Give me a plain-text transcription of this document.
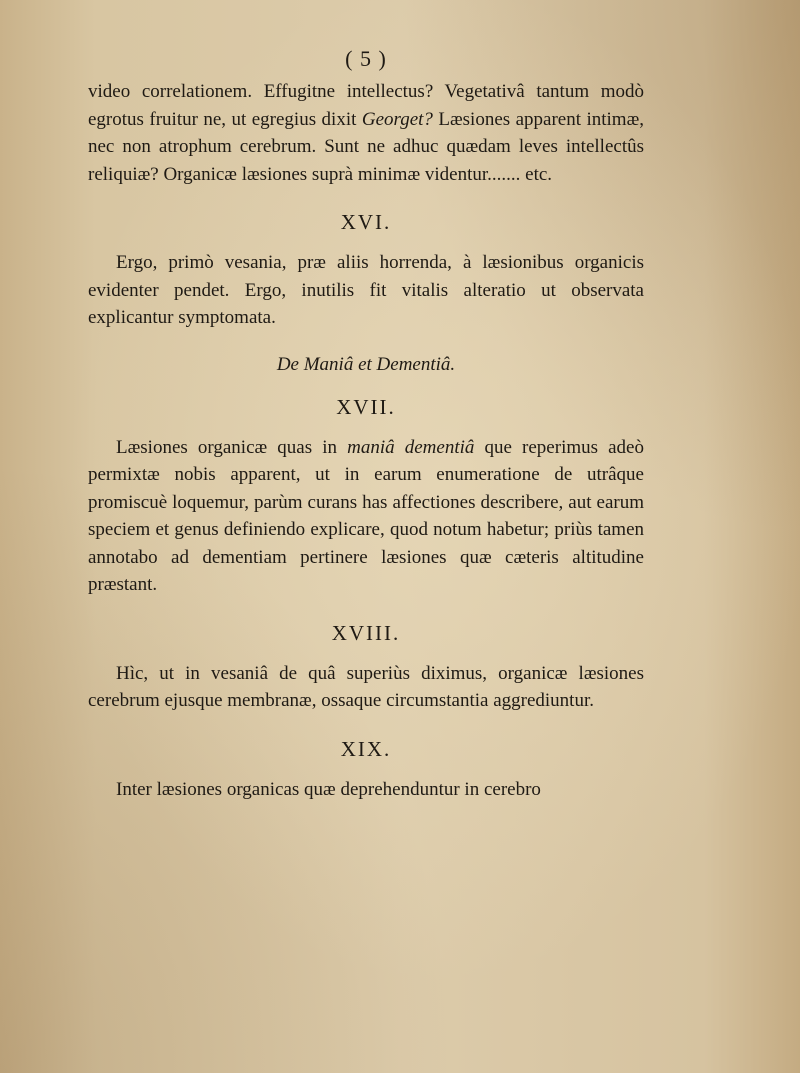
( 5 )

video correlationem. Effugitne intellectus? Vegetativâ tantum modò egrotus fruitur ne, ut egregius dixit Georget? Læsiones apparent intimæ, nec non atrophum cerebrum. Sunt ne adhuc quædam leves intellectûs reliquiæ? Organicæ læsiones suprà minimæ videntur....... etc.

XVI.

Ergo, primò vesania, præ aliis horrenda, à læsionibus organicis evidenter pendet. Ergo, inutilis fit vitalis alteratio ut observata explicantur symptomata.

De Maniâ et Dementiâ.
XVII.

Læsiones organicæ quas in maniâ dementiâ que reperimus adeò permixtæ nobis apparent, ut in earum enumeratione de utrâque promiscuè loquemur, parùm curans has affectiones describere, aut earum speciem et genus definiendo explicare, quod notum habetur; priùs tamen annotabo ad dementiam pertinere læsiones quæ cæteris altitudine præstant.

XVIII.

Hìc, ut in vesaniâ de quâ superiùs diximus, organicæ læsiones cerebrum ejusque membranæ, ossaque circumstantia aggrediuntur.

XIX.

Inter læsiones organicas quæ deprehenduntur in cerebro
